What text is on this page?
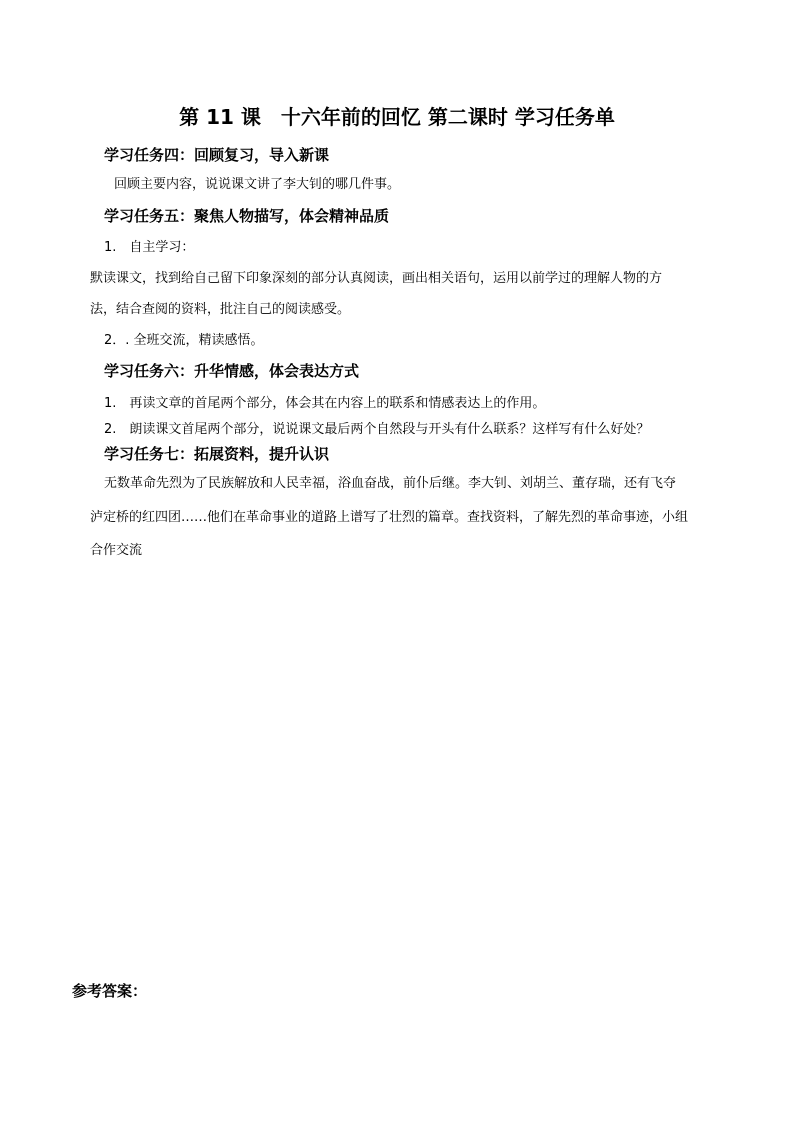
第 11 课　十六年前的回忆 第二课时 学习任务单
学习任务四：回顾复习，导入新课
回顾主要内容，说说课文讲了李大钊的哪几件事。
学习任务五：聚焦人物描写，体会精神品质
1.　自主学习：
默读课文，找到给自己留下印象深刻的部分认真阅读，画出相关语句，运用以前学过的理解人物的方
法，结合查阅的资料，批注自己的阅读感受。
2．. 全班交流，精读感悟。
学习任务六：升华情感，体会表达方式
1.　再读文章的首尾两个部分，体会其在内容上的联系和情感表达上的作用。
2.　朗读课文首尾两个部分，说说课文最后两个自然段与开头有什么联系？这样写有什么好处？
学习任务七：拓展资料，提升认识
无数革命先烈为了民族解放和人民幸福，浴血奋战，前仆后继。李大钊、刘胡兰、董存瑞，还有飞夺
泸定桥的红四团……他们在革命事业的道路上谱写了壮烈的篇章。查找资料，了解先烈的革命事迹，小组
合作交流
参考答案：
